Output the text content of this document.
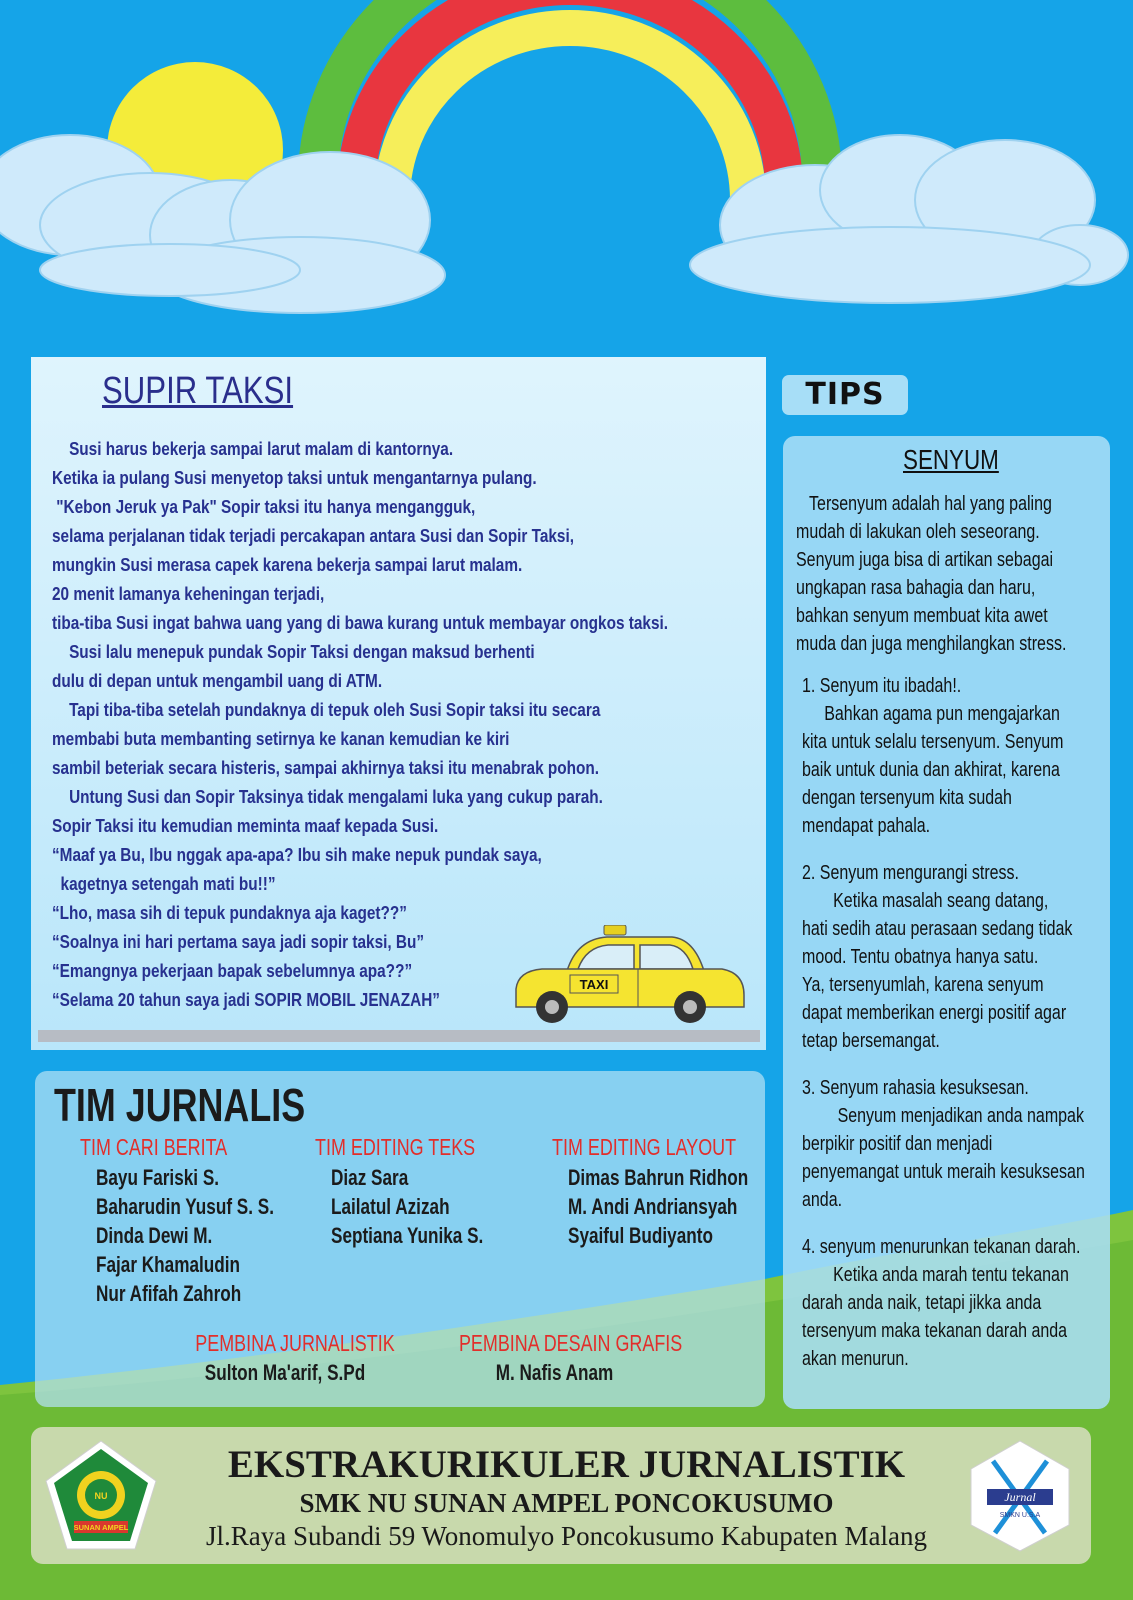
SUPIR TAKSI
Susi harus bekerja sampai larut malam di kantornya.
Ketika ia pulang Susi menyetop taksi untuk mengantarnya pulang.
"Kebon Jeruk ya Pak" Sopir taksi itu hanya mengangguk,
selama perjalanan tidak terjadi percakapan antara Susi dan Sopir Taksi,
mungkin Susi merasa capek karena bekerja sampai larut malam.
20 menit lamanya keheningan terjadi,
tiba-tiba Susi ingat bahwa uang yang di bawa kurang untuk membayar ongkos taksi.
Susi lalu menepuk pundak Sopir Taksi dengan maksud berhenti
dulu di depan untuk mengambil uang di ATM.
Tapi tiba-tiba setelah pundaknya di tepuk oleh Susi Sopir taksi itu secara
membabi buta membanting setirnya ke kanan kemudian ke kiri
sambil beteriak secara histeris, sampai akhirnya taksi itu menabrak pohon.
Untung Susi dan Sopir Taksinya tidak mengalami luka yang cukup parah.
Sopir Taksi itu kemudian meminta maaf kepada Susi.
“Maaf ya Bu, Ibu nggak apa-apa? Ibu sih make nepuk pundak saya,
kagetnya setengah mati bu!!”
“Lho, masa sih di tepuk pundaknya aja kaget??”
“Soalnya ini hari pertama saya jadi sopir taksi, Bu”
“Emangnya pekerjaan bapak sebelumnya apa??”
“Selama 20 tahun saya jadi SOPIR MOBIL JENAZAH”
TAXI
TIPS
SENYUM

Tersenyum adalah hal yang paling
mudah di lakukan oleh seseorang.
Senyum juga bisa di artikan sebagai
ungkapan rasa bahagia dan haru,
bahkan senyum membuat kita awet
muda dan juga menghilangkan stress.

1. Senyum itu ibadah!.
Bahkan agama pun mengajarkan
kita untuk selalu tersenyum. Senyum
baik untuk dunia dan akhirat, karena
dengan tersenyum kita sudah
mendapat pahala.
2. Senyum mengurangi stress.
Ketika masalah seang datang,
hati sedih atau perasaan sedang tidak
mood. Tentu obatnya hanya satu.
Ya, tersenyumlah, karena senyum
dapat memberikan energi positif agar
tetap bersemangat.

3. Senyum rahasia kesuksesan.
Senyum menjadikan anda nampak
berpikir positif dan menjadi
penyemangat untuk meraih kesuksesan
anda.
4. senyum menurunkan tekanan darah.
Ketika anda marah tentu tekanan
darah anda naik, tetapi jikka anda
tersenyum maka tekanan darah anda
akan menurun.
TIM JURNALIS
TIM CARI BERITA
Bayu Fariski S.
Baharudin Yusuf S. S.
Dinda Dewi M.
Fajar Khamaludin
Nur Afifah Zahroh
TIM EDITING TEKS
Diaz Sara
Lailatul Azizah
Septiana Yunika S.
TIM EDITING LAYOUT
Dimas Bahrun Ridhon
M. Andi Andriansyah
Syaiful Budiyanto
PEMBINA JURNALISTIK
Sulton Ma'arif, S.Pd
PEMBINA DESAIN GRAFIS
M. Nafis Anam
NU
SUNAN AMPEL
Jurnal
SMKN U.S.A
EKSTRAKURIKULER JURNALISTIK
SMK NU SUNAN AMPEL PONCOKUSUMO

Jl.Raya Subandi 59 Wonomulyo Poncokusumo Kabupaten Malang
